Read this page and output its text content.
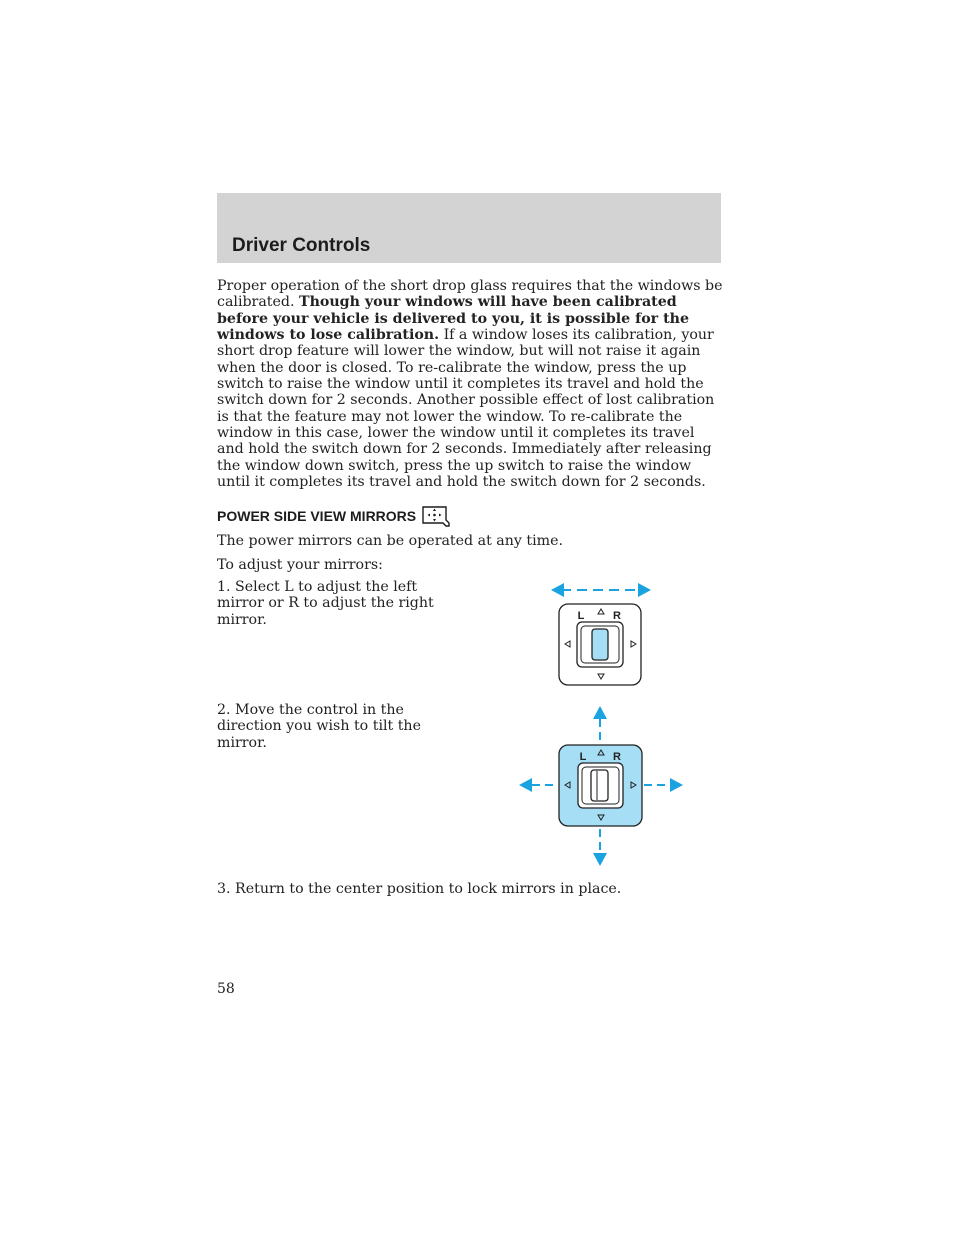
Driver Controls
Proper operation of the short drop glass requires that the windows be calibrated. Though your windows will have been calibrated before your vehicle is delivered to you, it is possible for the windows to lose calibration. If a window loses its calibration, your short drop feature will lower the window, but will not raise it again when the door is closed. To re-calibrate the window, press the up switch to raise the window until it completes its travel and hold the switch down for 2 seconds. Another possible effect of lost calibration is that the feature may not lower the window. To re-calibrate the window in this case, lower the window until it completes its travel and hold the switch down for 2 seconds. Immediately after releasing the window down switch, press the up switch to raise the window until it completes its travel and hold the switch down for 2 seconds.
POWER SIDE VIEW MIRRORS
The power mirrors can be operated at any time.
To adjust your mirrors:
1. Select L to adjust the left mirror or R to adjust the right mirror.
2. Move the control in the direction you wish to tilt the mirror.
3. Return to the center position to lock mirrors in place.
L	R
L R
58
